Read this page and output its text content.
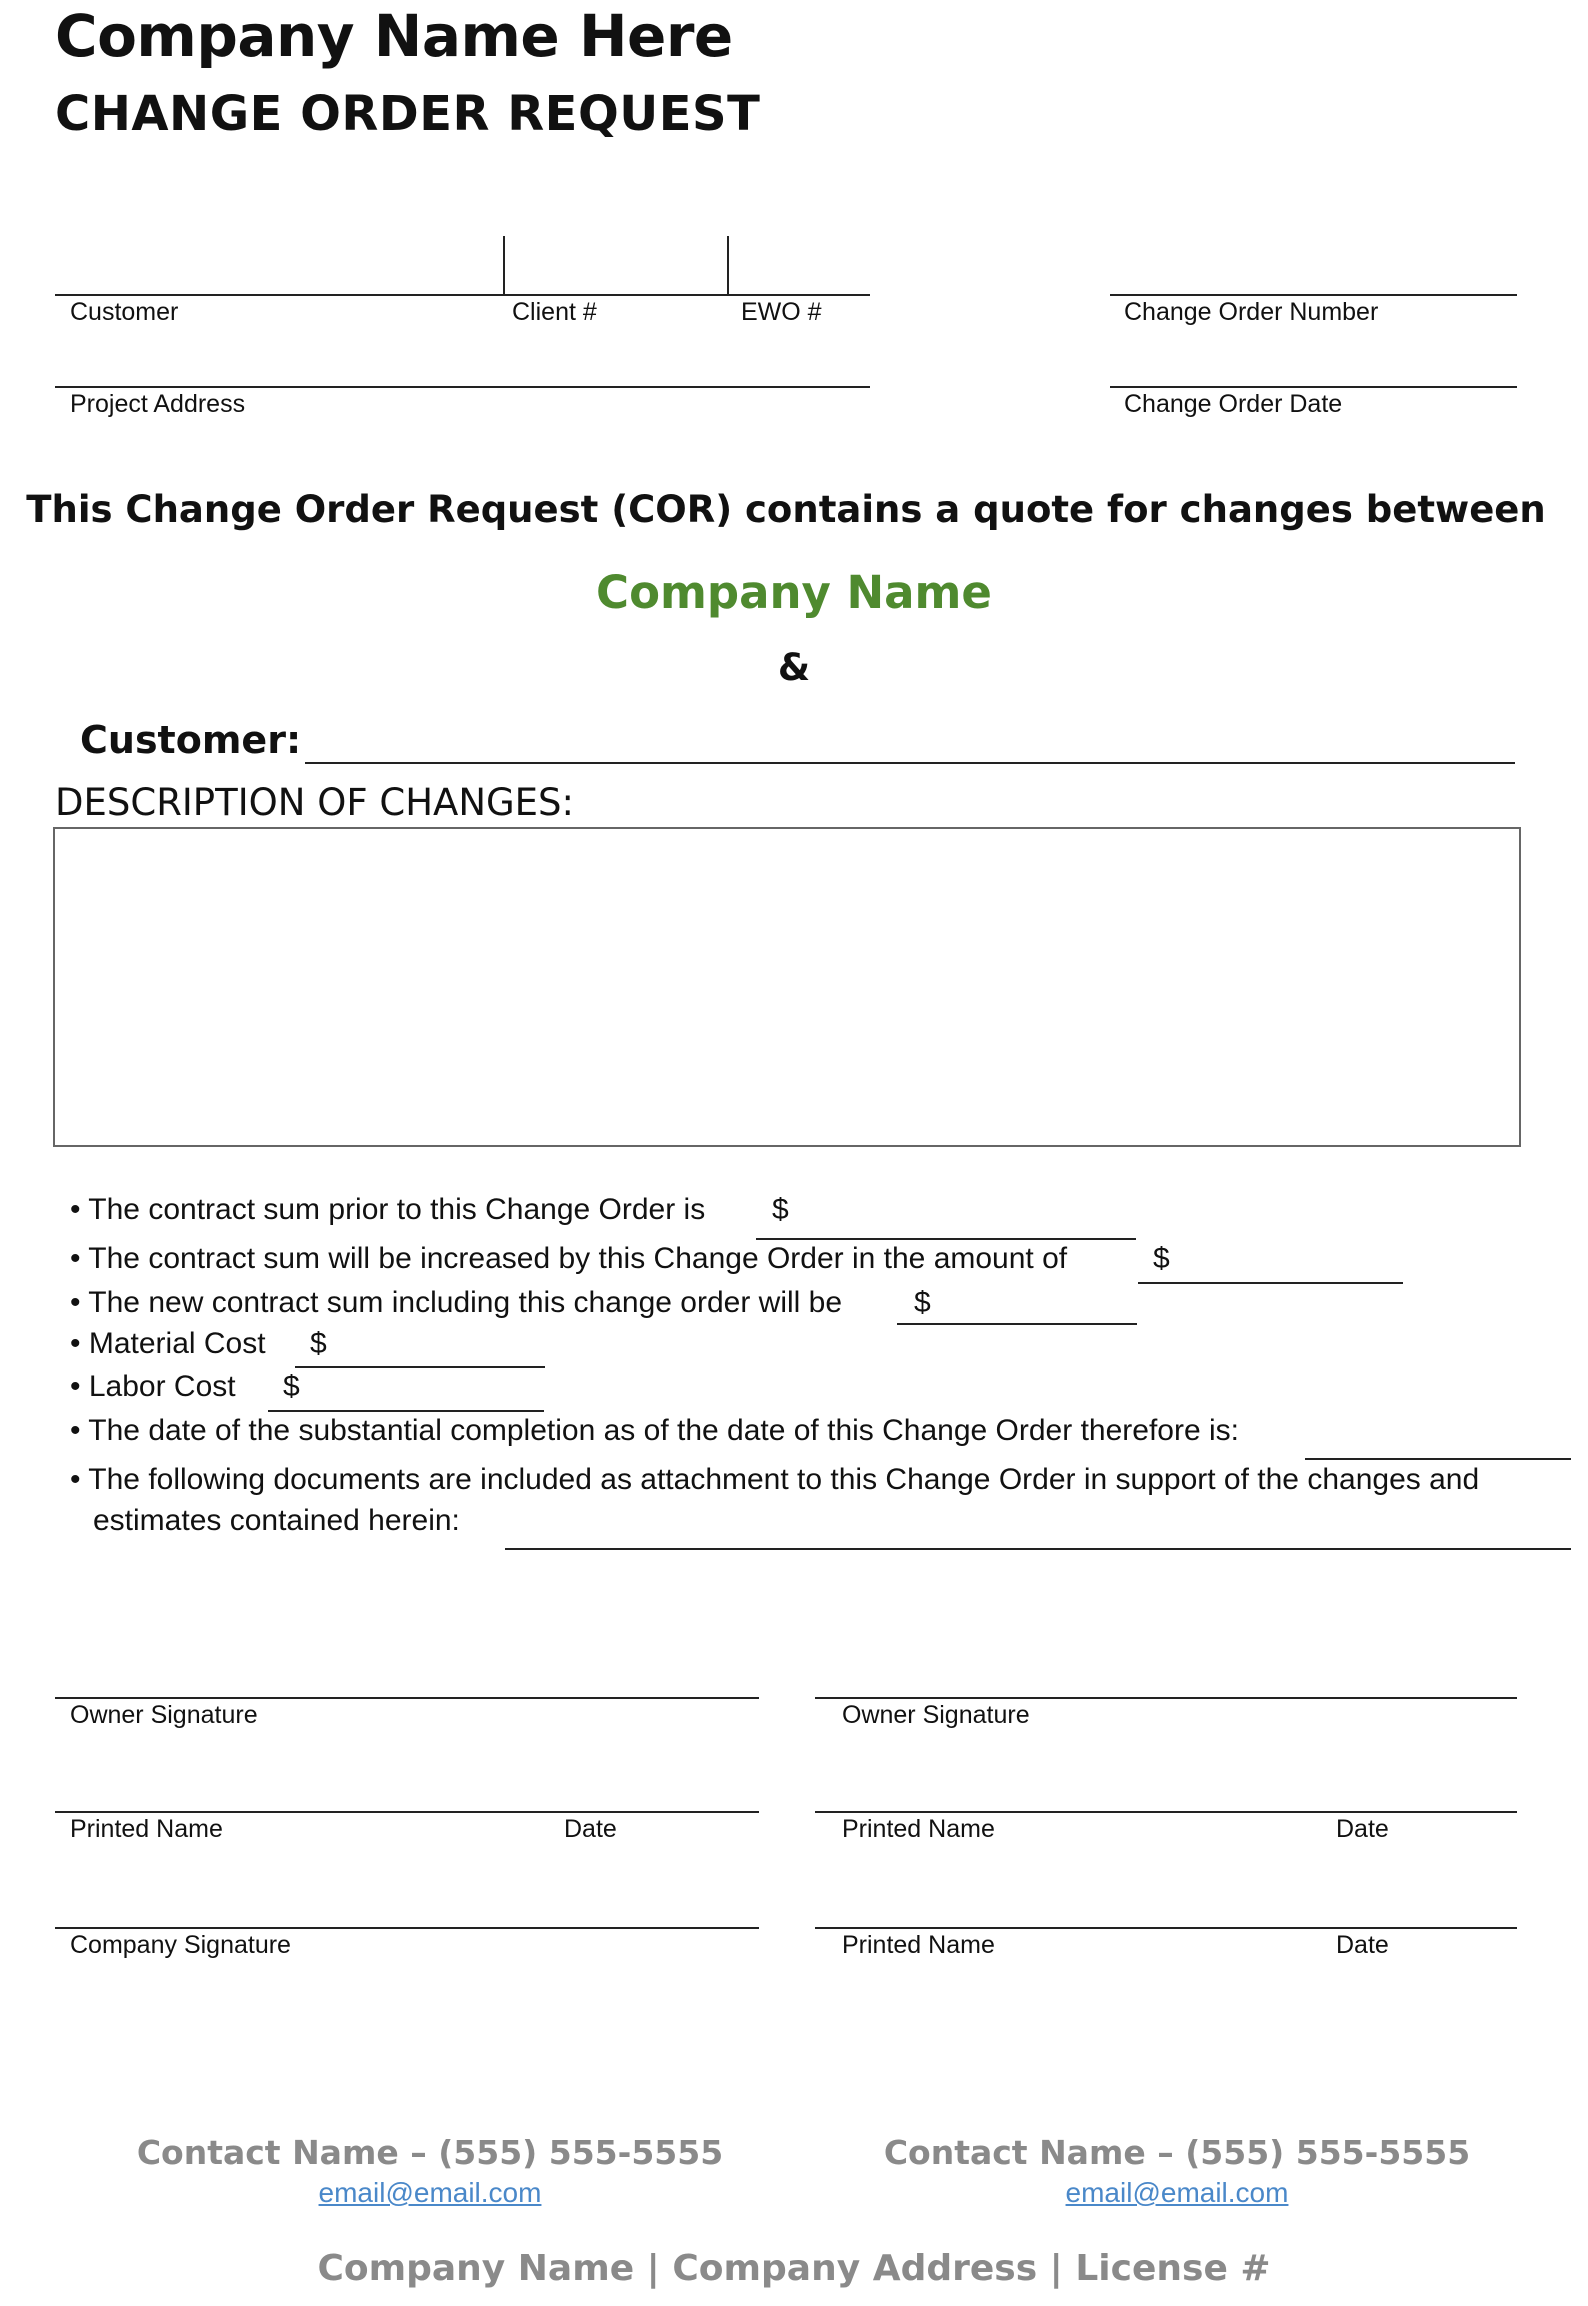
Company Name Here
CHANGE ORDER REQUEST
Customer	Client #	EWO #	Change Order Number
Project Address	Change Order Date
This Change Order Request (COR) contains a quote for changes between
Company Name
&
Customer:
DESCRIPTION OF CHANGES:
• The contract sum prior to this Change Order is $
• The contract sum will be increased by this Change Order in the amount of	$
• The new contract sum including this change order will be $
• Material Cost $
• Labor Cost $
• The date of the substantial completion as of the date of this Change Order therefore is:
• The following documents are included as attachment to this Change Order in support of the changes and
estimates contained herein:
Owner Signature
Printed Name	Date
Company Signature
Owner Signature
Printed Name	Date
Printed Name	Date
Contact Name – (555) 555-5555
email@email.com
Contact Name – (555) 555-5555
email@email.com
Company Name | Company Address | License #
